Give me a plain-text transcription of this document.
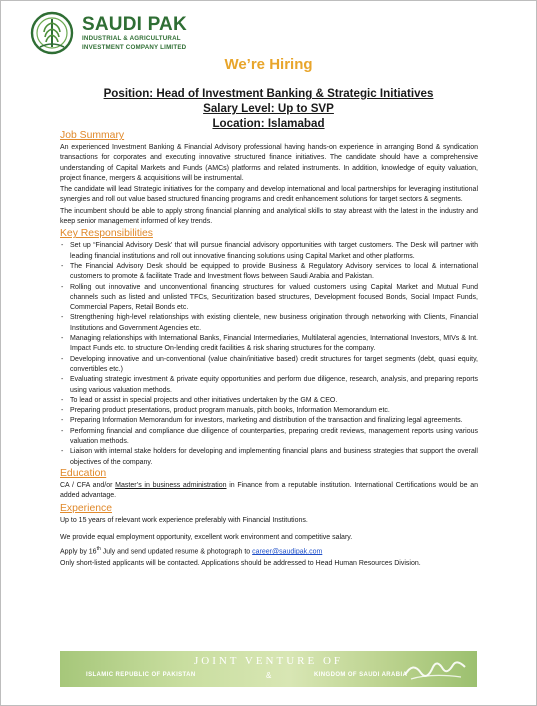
SAUDI PAK
INDUSTRIAL & AGRICULTURAL
INVESTMENT COMPANY LIMITED
We’re Hiring
Position: Head of Investment Banking & Strategic Initiatives
Salary Level: Up to SVP
Location: Islamabad
Job Summary
An experienced Investment Banking & Financial Advisory professional having hands-on experience in arranging Bond & syndication transactions for corporates and executing innovative structured finance initiatives. The candidate should have a comprehensive understanding of Capital Markets and Funds (AMCs) platforms and related instruments. In addition, knowledge of equity valuation, project finance, mergers & acquisitions will be instrumental.
The candidate will lead Strategic initiatives for the company and develop international and local partnerships for leveraging institutional synergies and roll out value based structured financing programs and credit enhancement solutions for target sectors & segments.
The incumbent should be able to apply strong financial planning and analytical skills to stay abreast with the latest in the industry and keep senior management informed of key trends.
Key Responsibilities
- Set up “Financial Advisory Desk’ that will pursue financial advisory opportunities with target customers. The Desk will partner with leading financial institutions and roll out innovative financing solutions using Capital Market and other platforms.
- The Financial Advisory Desk should be equipped to provide Business & Regulatory Advisory services to local & international customers to promote & facilitate Trade and Investment flows between Saudi Arabia and Pakistan.
- Rolling out innovative and unconventional financing structures for valued customers using Capital Market and Mutual Fund channels such as listed and unlisted TFCs, Securitization based structures, Development focused Bonds, Social Impact Funds, Commercial Papers, Retail Bonds etc.
- Strengthening high-level relationships with existing clientele, new business origination through networking with Clients, Financial Institutions and Government Agencies etc.
- Managing relationships with International Banks, Financial Intermediaries, Multilateral agencies, International Investors, MIVs & Int. Impact Funds etc. to structure On-lending credit facilities & risk sharing structures for the company.
- Developing innovative and un-conventional (value chain/initiative based) credit structures for target segments (debt, quasi equity, convertibles etc.)
- Evaluating strategic investment & private equity opportunities and perform due diligence, research, analysis, and preparing reports using various valuation methods.
- To lead or assist in special projects and other initiatives undertaken by the GM & CEO.
- Preparing product presentations, product program manuals, pitch books, Information Memorandum etc.
- Preparing Information Memorandum for investors, marketing and distribution of the transaction and finalizing legal agreements.
- Performing financial and compliance due diligence of counterparties, preparing credit reviews, management reports using various valuation methods.
- Liaison with internal stake holders for developing and implementing financial plans and business strategies that support the overall objectives of the company.
Education
CA / CFA and/or Master’s in business administration in Finance from a reputable institution. International Certifications would be an added advantage.
Experience
Up to 15 years of relevant work experience preferably with Financial Institutions.
We provide equal employment opportunity, excellent work environment and competitive salary.
Apply by 16th July and send updated resume & photograph to career@saudipak.com
Only short-listed applicants will be contacted. Applications should be addressed to Head Human Resources Division.
JOINT VENTURE OF
ISLAMIC REPUBLIC OF PAKISTAN	&	KINGDOM OF SAUDI ARABIA
